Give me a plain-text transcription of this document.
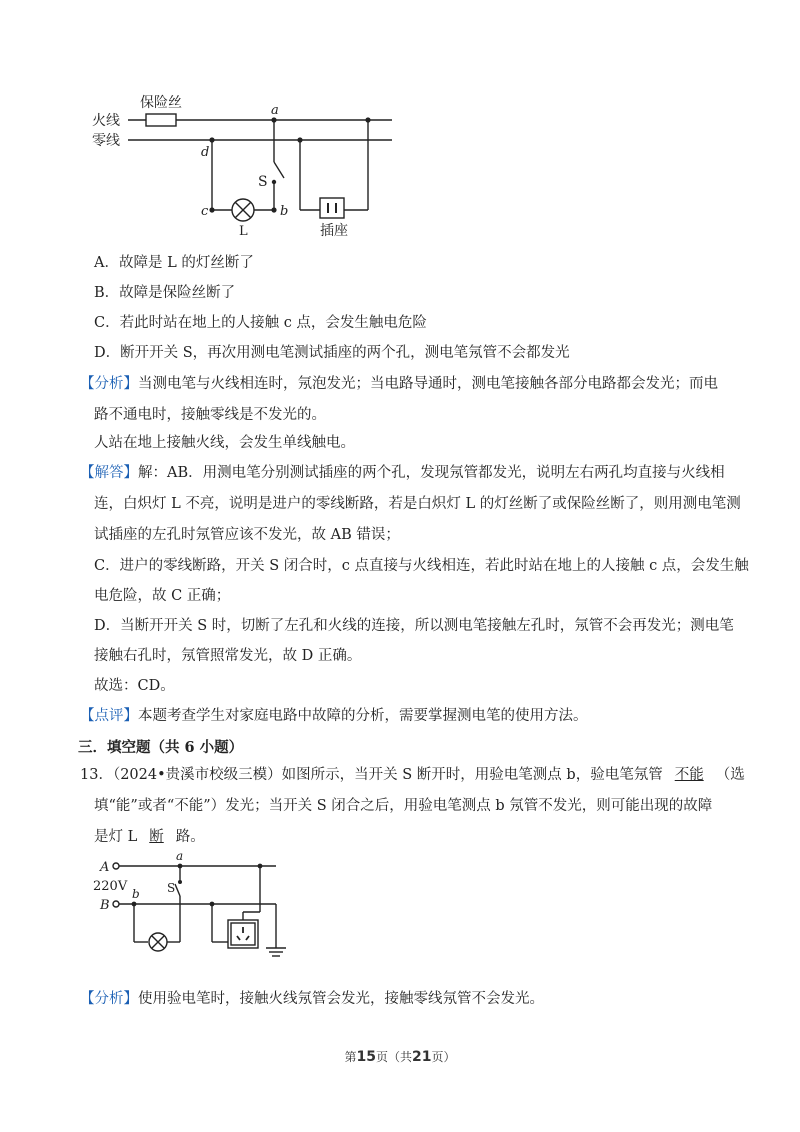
火线
零线
保险丝	a
d
S
c	b
L	插座
A．故障是 L 的灯丝断了
B．故障是保险丝断了
C．若此时站在地上的人接触 c 点，会发生触电危险
D．断开开关 S，再次用测电笔测试插座的两个孔，测电笔氖管不会都发光
【分析】当测电笔与火线相连时，氖泡发光；当电路导通时，测电笔接触各部分电路都会发光；而电
路不通电时，接触零线是不发光的。
人站在地上接触火线，会发生单线触电。
【解答】解：AB．用测电笔分别测试插座的两个孔，发现氖管都发光，说明左右两孔均直接与火线相
连，白炽灯 L 不亮，说明是进户的零线断路，若是白炽灯 L 的灯丝断了或保险丝断了，则用测电笔测
试插座的左孔时氖管应该不发光，故 AB 错误；
C．进户的零线断路，开关 S 闭合时，c 点直接与火线相连，若此时站在地上的人接触 c 点，会发生触
电危险，故 C 正确；
D．当断开开关 S 时，切断了左孔和火线的连接，所以测电笔接触左孔时，氖管不会再发光；测电笔
接触右孔时，氖管照常发光，故 D 正确。
故选：CD。
【点评】本题考查学生对家庭电路中故障的分析，需要掌握测电笔的使用方法。
三．填空题（共 6 小题）
13．（2024•贵溪市校级三模）如图所示，当开关 S 断开时，用验电笔测点 b，验电笔氖管 不能 （选
填“能”或者“不能”）发光；当开关 S 闭合之后，用验电笔测点 b 氖管不发光，则可能出现的故障
是灯 L 断 路。
A
220V
B
a
b S
【分析】使用验电笔时，接触火线氖管会发光，接触零线氖管不会发光。
第15页（共21页）
